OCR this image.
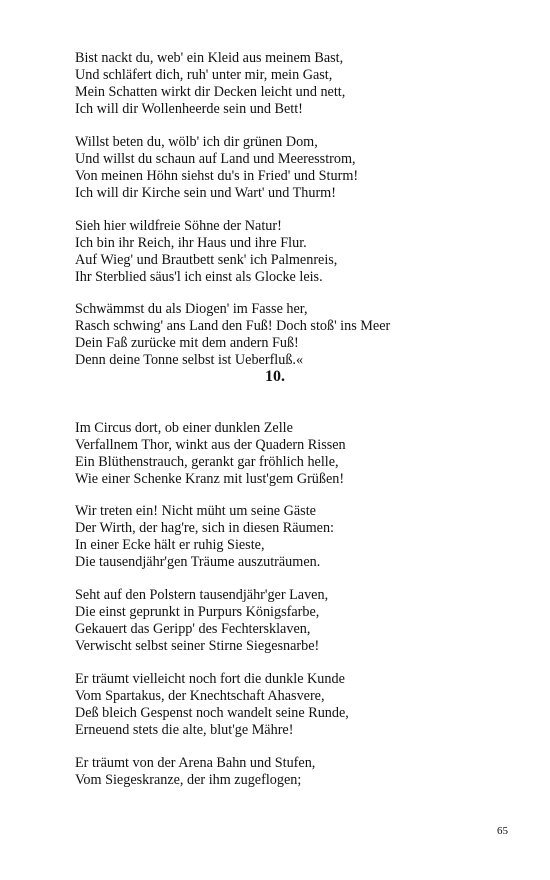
Bist nackt du, web' ein Kleid aus meinem Bast,
Und schläfert dich, ruh' unter mir, mein Gast,
Mein Schatten wirkt dir Decken leicht und nett,
Ich will dir Wollenheerde sein und Bett!
Willst beten du, wölb' ich dir grünen Dom,
Und willst du schaun auf Land und Meeresstrom,
Von meinen Höhn siehst du's in Fried' und Sturm!
Ich will dir Kirche sein und Wart' und Thurm!
Sieh hier wildfreie Söhne der Natur!
Ich bin ihr Reich, ihr Haus und ihre Flur.
Auf Wieg' und Brautbett senk' ich Palmenreis,
Ihr Sterblied säus'l ich einst als Glocke leis.
Schwämmst du als Diogen' im Fasse her,
Rasch schwing' ans Land den Fuß! Doch stoß' ins Meer
Dein Faß zurücke mit dem andern Fuß!
Denn deine Tonne selbst ist Ueberfluß.«
10.
Im Circus dort, ob einer dunklen Zelle
Verfallnem Thor, winkt aus der Quadern Rissen
Ein Blüthenstrauch, gerankt gar fröhlich helle,
Wie einer Schenke Kranz mit lust'gem Grüßen!
Wir treten ein! Nicht müht um seine Gäste
Der Wirth, der hag're, sich in diesen Räumen:
In einer Ecke hält er ruhig Sieste,
Die tausendjähr'gen Träume auszuträumen.
Seht auf den Polstern tausendjähr'ger Laven,
Die einst geprunkt in Purpurs Königsfarbe,
Gekauert das Geripp' des Fechtersklaven,
Verwischt selbst seiner Stirne Siegesnarbe!
Er träumt vielleicht noch fort die dunkle Kunde
Vom Spartakus, der Knechtschaft Ahasvere,
Deß bleich Gespenst noch wandelt seine Runde,
Erneuend stets die alte, blut'ge Mähre!
Er träumt von der Arena Bahn und Stufen,
Vom Siegeskranze, der ihm zugeflogen;
65
